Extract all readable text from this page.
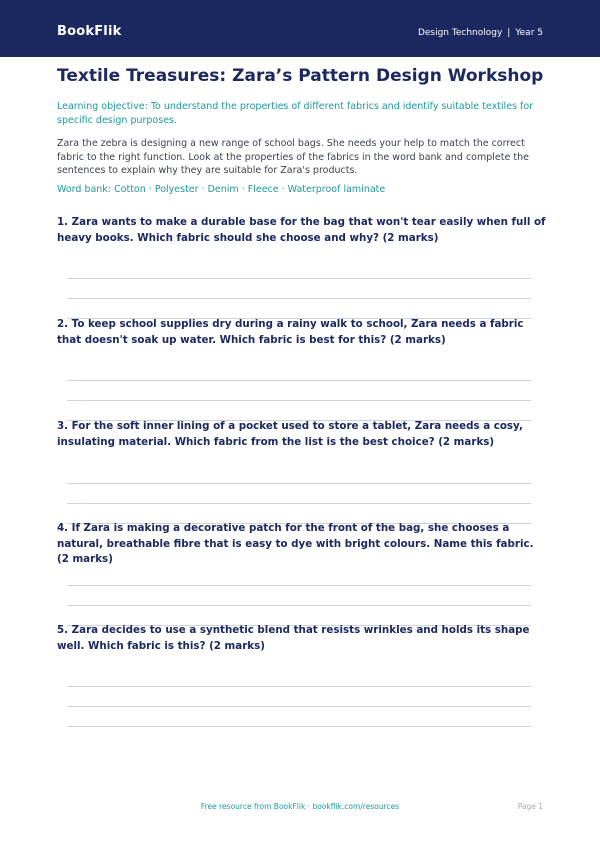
BookFlik	Design Technology | Year 5
Textile Treasures: Zara’s Pattern Design Workshop
Learning objective: To understand the properties of different fabrics and identify suitable textiles for specific design purposes.
Zara the zebra is designing a new range of school bags. She needs your help to match the correct fabric to the right function. Look at the properties of the fabrics in the word bank and complete the sentences to explain why they are suitable for Zara's products.
Word bank: Cotton · Polyester · Denim · Fleece · Waterproof laminate
1. Zara wants to make a durable base for the bag that won't tear easily when full of heavy books. Which fabric should she choose and why? (2 marks)
2. To keep school supplies dry during a rainy walk to school, Zara needs a fabric that doesn't soak up water. Which fabric is best for this? (2 marks)
3. For the soft inner lining of a pocket used to store a tablet, Zara needs a cosy, insulating material. Which fabric from the list is the best choice? (2 marks)
4. If Zara is making a decorative patch for the front of the bag, she chooses a natural, breathable fibre that is easy to dye with bright colours. Name this fabric. (2 marks)
5. Zara decides to use a synthetic blend that resists wrinkles and holds its shape well. Which fabric is this? (2 marks)
Free resource from BookFlik · bookflik.com/resources	Page 1
